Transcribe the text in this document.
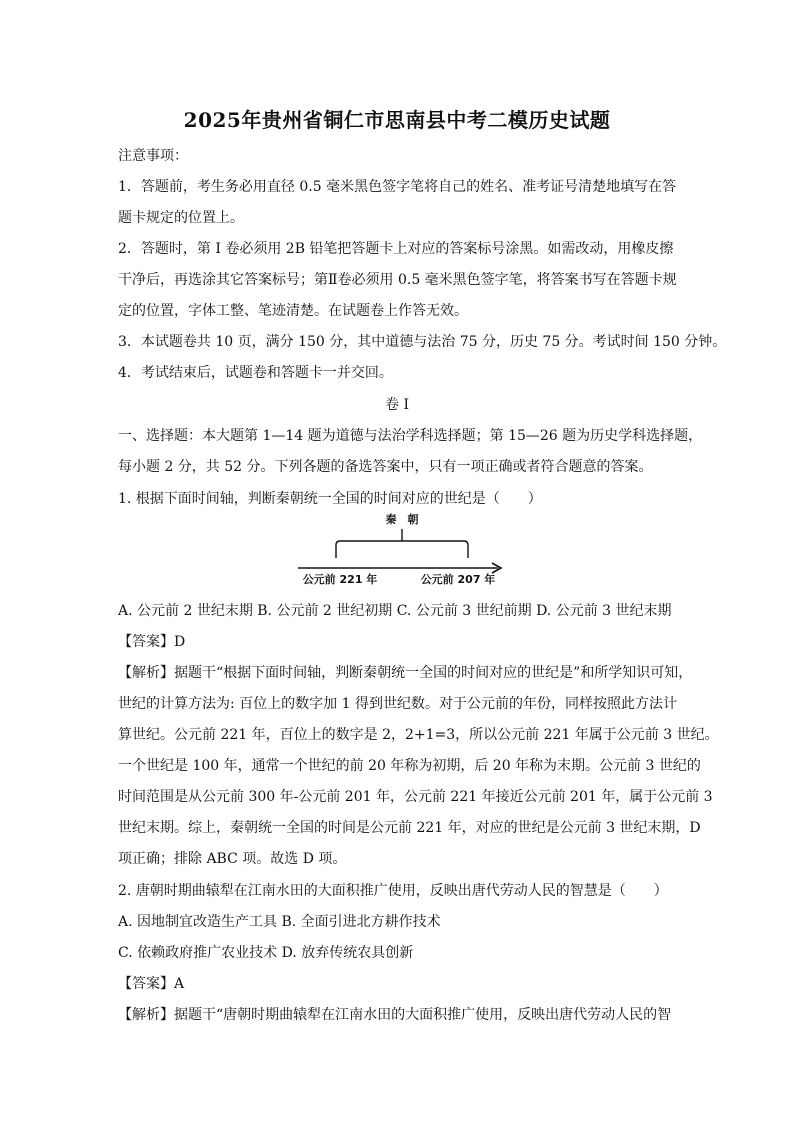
2025年贵州省铜仁市思南县中考二模历史试题
注意事项：
1．答题前，考生务必用直径 0.5 毫米黑色签字笔将自己的姓名、准考证号清楚地填写在答
题卡规定的位置上。
2．答题时，第 I 卷必须用 2B 铅笔把答题卡上对应的答案标号涂黑。如需改动，用橡皮擦
干净后，再选涂其它答案标号；第Ⅱ卷必须用 0.5 毫米黑色签字笔，将答案书写在答题卡规
定的位置，字体工整、笔迹清楚。在试题卷上作答无效。
3．本试题卷共 10 页，满分 150 分，其中道德与法治 75 分，历史 75 分。考试时间 150 分钟。
4．考试结束后，试题卷和答题卡一并交回。
卷 I
一、选择题：本大题第 1—14 题为道德与法治学科选择题；第 15—26 题为历史学科选择题，
每小题 2 分，共 52 分。下列各题的备选答案中，只有一项正确或者符合题意的答案。
1. 根据下面时间轴，判断秦朝统一全国的时间对应的世纪是（　　）
秦　朝
公元前 221 年	公元前 207 年
A. 公元前 2 世纪末期 B. 公元前 2 世纪初期 C. 公元前 3 世纪前期 D. 公元前 3 世纪末期
【答案】D
【解析】据题干“根据下面时间轴，判断秦朝统一全国的时间对应的世纪是”和所学知识可知，
世纪的计算方法为: 百位上的数字加 1 得到世纪数。对于公元前的年份，同样按照此方法计
算世纪。公元前 221 年，百位上的数字是 2，2+1=3，所以公元前 221 年属于公元前 3 世纪。
一个世纪是 100 年，通常一个世纪的前 20 年称为初期，后 20 年称为末期。公元前 3 世纪的
时间范围是从公元前 300 年-公元前 201 年，公元前 221 年接近公元前 201 年，属于公元前 3
世纪末期。综上，秦朝统一全国的时间是公元前 221 年，对应的世纪是公元前 3 世纪末期，D
项正确；排除 ABC 项。故选 D 项。
2. 唐朝时期曲辕犁在江南水田的大面积推广使用，反映出唐代劳动人民的智慧是（　　）
A. 因地制宜改造生产工具 B. 全面引进北方耕作技术
C. 依赖政府推广农业技术 D. 放弃传统农具创新
【答案】A
【解析】据题干“唐朝时期曲辕犁在江南水田的大面积推广使用，反映出唐代劳动人民的智
